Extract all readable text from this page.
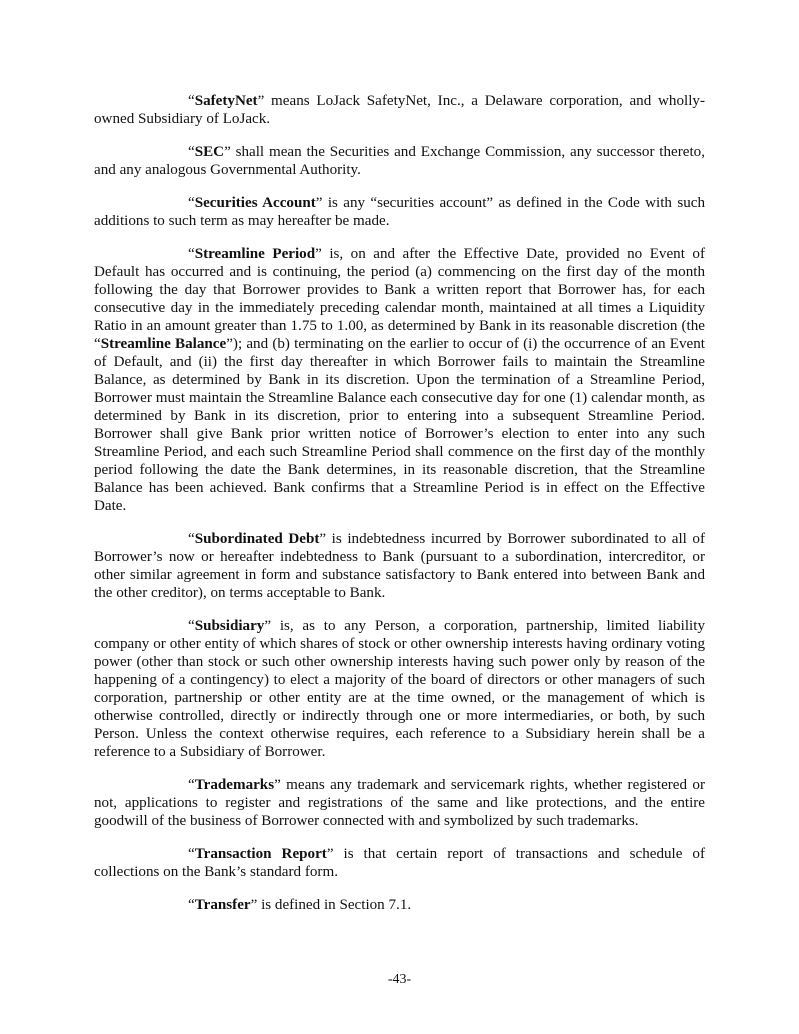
“SafetyNet” means LoJack SafetyNet, Inc., a Delaware corporation, and wholly-owned Subsidiary of LoJack.

“SEC” shall mean the Securities and Exchange Commission, any successor thereto, and any analogous Governmental Authority.

“Securities Account” is any “securities account” as defined in the Code with such additions to such term as may hereafter be made.

“Streamline Period” is, on and after the Effective Date, provided no Event of Default has occurred and is continuing, the period (a) commencing on the first day of the month following the day that Borrower provides to Bank a written report that Borrower has, for each consecutive day in the immediately preceding calendar month, maintained at all times a Liquidity Ratio in an amount greater than 1.75 to 1.00, as determined by Bank in its reasonable discretion (the “Streamline Balance”); and (b) terminating on the earlier to occur of (i) the occurrence of an Event of Default, and (ii) the first day thereafter in which Borrower fails to maintain the Streamline Balance, as determined by Bank in its discretion. Upon the termination of a Streamline Period, Borrower must maintain the Streamline Balance each consecutive day for one (1) calendar month, as determined by Bank in its discretion, prior to entering into a subsequent Streamline Period. Borrower shall give Bank prior written notice of Borrower’s election to enter into any such Streamline Period, and each such Streamline Period shall commence on the first day of the monthly period following the date the Bank determines, in its reasonable discretion, that the Streamline Balance has been achieved. Bank confirms that a Streamline Period is in effect on the Effective Date.

“Subordinated Debt” is indebtedness incurred by Borrower subordinated to all of Borrower’s now or hereafter indebtedness to Bank (pursuant to a subordination, intercreditor, or other similar agreement in form and substance satisfactory to Bank entered into between Bank and the other creditor), on terms acceptable to Bank.

“Subsidiary” is, as to any Person, a corporation, partnership, limited liability company or other entity of which shares of stock or other ownership interests having ordinary voting power (other than stock or such other ownership interests having such power only by reason of the happening of a contingency) to elect a majority of the board of directors or other managers of such corporation, partnership or other entity are at the time owned, or the management of which is otherwise controlled, directly or indirectly through one or more intermediaries, or both, by such Person. Unless the context otherwise requires, each reference to a Subsidiary herein shall be a reference to a Subsidiary of Borrower.

“Trademarks” means any trademark and servicemark rights, whether registered or not, applications to register and registrations of the same and like protections, and the entire goodwill of the business of Borrower connected with and symbolized by such trademarks.

“Transaction Report” is that certain report of transactions and schedule of collections on the Bank’s standard form.

“Transfer” is defined in Section 7.1.

-43-
